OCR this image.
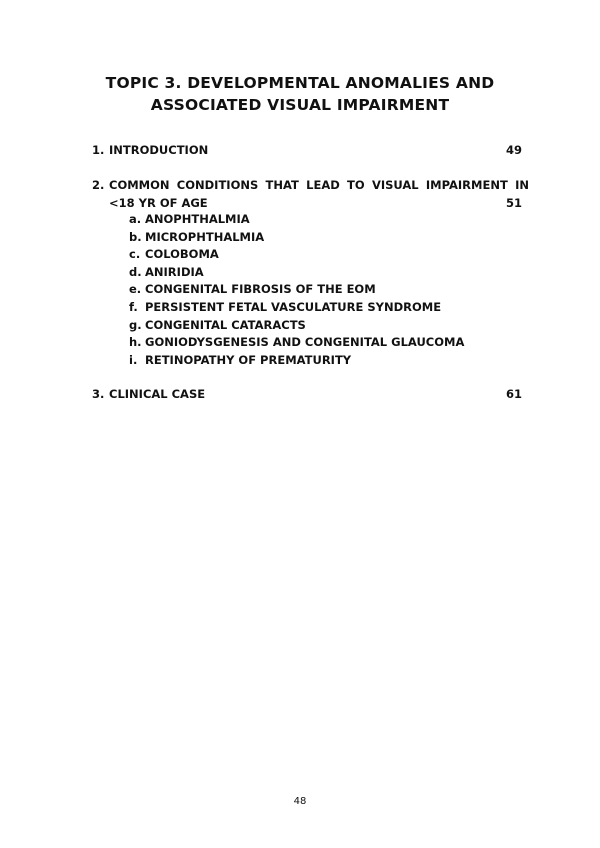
TOPIC 3. DEVELOPMENTAL ANOMALIES AND
ASSOCIATED VISUAL IMPAIRMENT
1. INTRODUCTION	49
2. COMMON CONDITIONS THAT LEAD TO VISUAL IMPAIRMENT IN
<18 YR OF AGE	51
a. ANOPHTHALMIA
b. MICROPHTHALMIA
c. COLOBOMA
d. ANIRIDIA
e. CONGENITAL FIBROSIS OF THE EOM
f. PERSISTENT FETAL VASCULATURE SYNDROME
g. CONGENITAL CATARACTS
h. GONIODYSGENESIS AND CONGENITAL GLAUCOMA
i. RETINOPATHY OF PREMATURITY
3. CLINICAL CASE	61
48
